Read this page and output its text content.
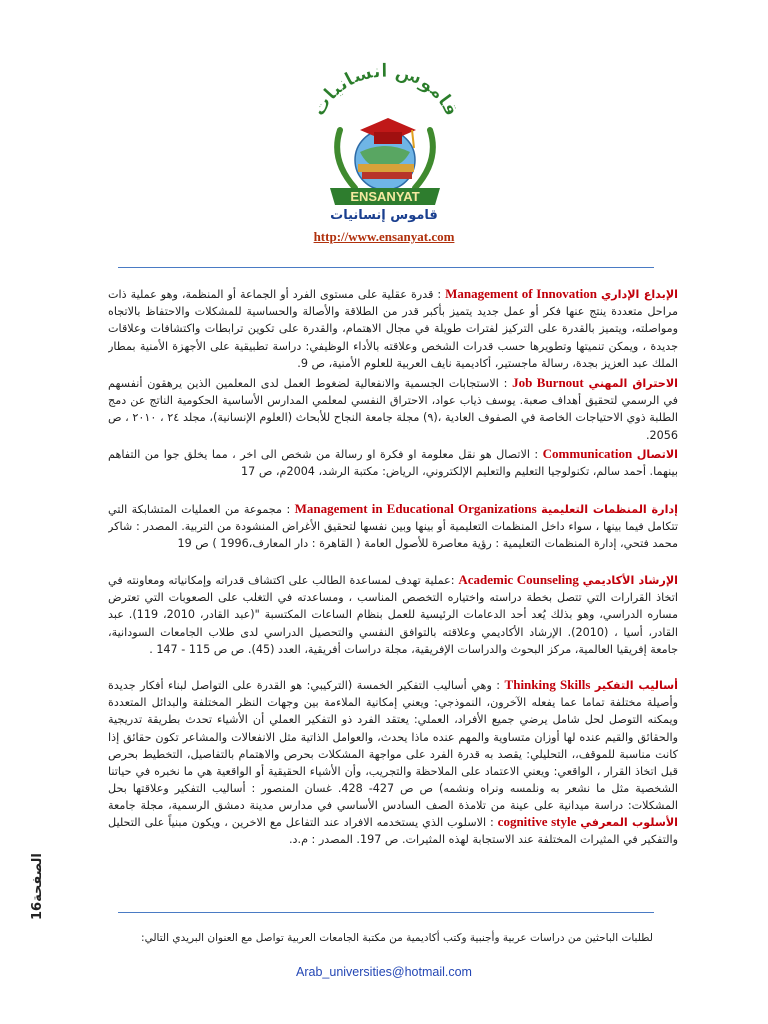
قاموس انسانيات
ENSANYAT
قاموس إنسانيات
http://www.ensanyat.com
الإبداع الإداري Management of Innovation : قدرة عقلية على مستوى الفرد أو الجماعة أو المنظمة، وهو عملية ذات مراحل متعددة ينتج عنها فكر أو عمل جديد يتميز بأكبر قدر من الطلاقة والأصالة والحساسية للمشكلات والاحتفاظ بالاتجاه ومواصلته، ويتميز بالقدرة على التركيز لفترات طويلة في مجال الاهتمام، والقدرة على تكوين ترابطات واكتشافات وعلاقات جديدة ، ويمكن تنميتها وتطويرها حسب قدرات الشخص وعلاقته بالأداء الوظيفي: دراسة تطبيقية على الأجهزة الأمنية بمطار الملك عبد العزيز بجدة، رسالة ماجستير، أكاديمية نايف العربية للعلوم الأمنية، ص 9.
الاحتراق المهني Job Burnout : الاستجابات الجسمية والانفعالية لضغوط العمل لدى المعلمين الذين يرهقون أنفسهم في الرسمي لتحقيق أهداف صعبة. يوسف ذياب عواد، الاحتراق النفسي لمعلمي المدارس الأساسية الحكومية الناتج عن دمج الطلبة ذوي الاحتياجات الخاصة في الصفوف العادية ،(٩) مجلة جامعة النجاح للأبحاث (العلوم الإنسانية)، مجلد ٢٤ ، ٢٠١٠ ، ص 2056.
الاتصال Communication : الاتصال هو نقل معلومة او فكرة او رسالة من شخص الى اخر ، مما يخلق جوا من التفاهم بينهما. أحمد سالم، تكنولوجيا التعليم والتعليم الإلكتروني، الرياض: مكتبة الرشد، 2004م، ص 17
إدارة المنظمات التعليمية Management in Educational Organizations : مجموعة من العمليات المتشابكة التي تتكامل فيما بينها ، سواء داخل المنظمات التعليمية أو بينها وبين نفسها لتحقيق الأغراض المنشودة من التربية. المصدر : شاكر محمد فتحي، إدارة المنظمات التعليمية : رؤية معاصرة للأصول العامة ( القاهرة : دار المعارف،1996 ) ص 19
الإرشاد الأكاديمي Academic Counseling :عملية تهدف لمساعدة الطالب على اكتشاف قدراته وإمكانياته ومعاونته في اتخاذ القرارات التي تتصل بخطة دراسته واختياره التخصص المناسب ، ومساعدته في التغلب على الصعوبات التي تعترض مساره الدراسي، وهو بذلك يُعد أحد الدعامات الرئيسية للعمل بنظام الساعات المكتسبة "(عبد القادر، 2010، 119). عبد القادر، أسيا ، (2010). الإرشاد الأكاديمي وعلاقته بالتوافق النفسي والتحصيل الدراسي لدى طلاب الجامعات السودانية، جامعة إفريقيا العالمية، مركز البحوث والدراسات الإفريقية، مجلة دراسات أفريقية، العدد (45). ص ص 115 - 147 .
أساليب التفكير Thinking Skills : وهي أساليب التفكير الخمسة (التركيبي: هو القدرة على التواصل لبناء أفكار جديدة وأصيلة مختلفة تماما عما يفعله الآخرون، النموذجي: ويعني إمكانية الملاءمة بين وجهات النظر المختلفة والبدائل المتعددة ويمكنه التوصل لحل شامل يرضي جميع الأفراد، العملي: يعتقد الفرد ذو التفكير العملي أن الأشياء تحدث بطريقة تدريجية والحقائق والقيم عنده لها أوزان متساوية والمهم عنده ماذا يحدث، والعوامل الذاتية مثل الانفعالات والمشاعر تكون حقائق إذا كانت مناسبة للموقف،، التحليلي: يقصد به قدرة الفرد على مواجهة المشكلات بحرص والاهتمام بالتفاصيل، التخطيط بحرص قبل اتخاذ القرار ، الواقعي: ويعني الاعتماد على الملاحظة والتجريب، وأن الأشياء الحقيقية أو الواقعية هي ما نخبره في حياتنا الشخصية مثل ما نشعر به ونلمسه ونراه ونشمه) ص ص 427- 428. غسان المنصور : أساليب التفكير وعلاقتها بحل المشكلات: دراسة ميدانية على عينة من تلامذة الصف السادس الأساسي في مدارس مدينة دمشق الرسمية، مجلة جامعة
الأسلوب المعرفي cognitive style : الاسلوب الذي يستخدمه الافراد عند التفاعل مع الاخرين ، ويكون مبنياً على التحليل والتفكير في المثيرات المختلفة عند الاستجابة لهذه المثيرات. ص 197. المصدر : م.د.
الصفحة16
لطلبات الباحثين من دراسات عربية وأجنبية وكتب أكاديمية من مكتبة الجامعات العربية تواصل مع العنوان البريدي التالي:
Arab_universities@hotmail.com
